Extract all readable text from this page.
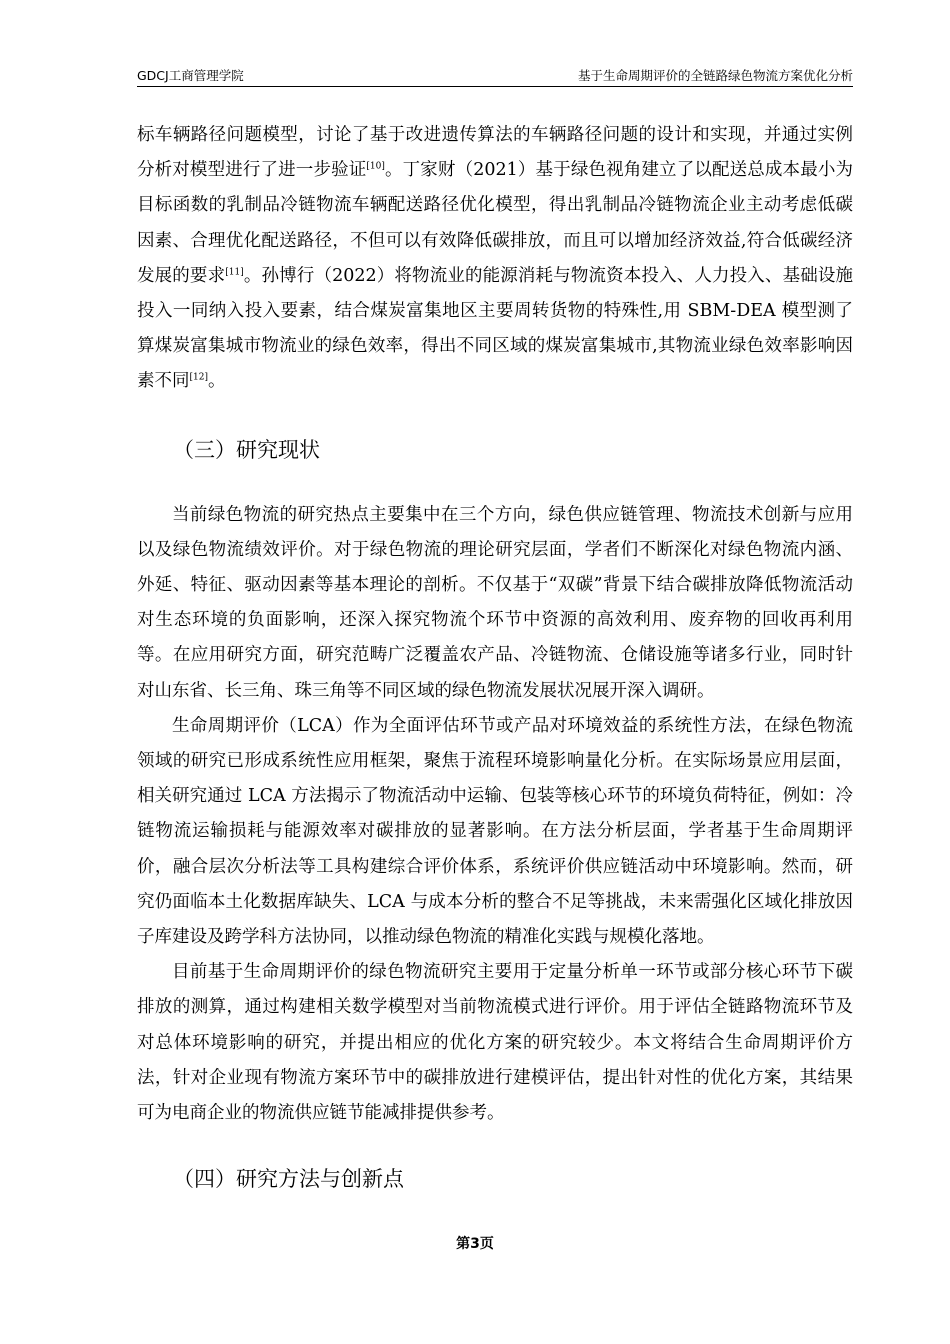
GDCJ工商管理学院	基于生命周期评价的全链路绿色物流方案优化分析

标车辆路径问题模型，讨论了基于改进遗传算法的车辆路径问题的设计和实现，并通过实例分析对模型进行了进一步验证[10]。丁家财（2021）基于绿色视角建立了以配送总成本最小为目标函数的乳制品冷链物流车辆配送路径优化模型，得出乳制品冷链物流企业主动考虑低碳因素、合理优化配送路径，不但可以有效降低碳排放，而且可以增加经济效益,符合低碳经济发展的要求[11]。孙博行（2022）将物流业的能源消耗与物流资本投入、人力投入、基础设施投入一同纳入投入要素，结合煤炭富集地区主要周转货物的特殊性,用 SBM-DEA 模型测了算煤炭富集城市物流业的绿色效率，得出不同区域的煤炭富集城市,其物流业绿色效率影响因素不同[12]。

（三）研究现状

当前绿色物流的研究热点主要集中在三个方向，绿色供应链管理、物流技术创新与应用以及绿色物流绩效评价。对于绿色物流的理论研究层面，学者们不断深化对绿色物流内涵、外延、特征、驱动因素等基本理论的剖析。不仅基于“双碳”背景下结合碳排放降低物流活动对生态环境的负面影响，还深入探究物流个环节中资源的高效利用、废弃物的回收再利用等。在应用研究方面，研究范畴广泛覆盖农产品、冷链物流、仓储设施等诸多行业，同时针对山东省、长三角、珠三角等不同区域的绿色物流发展状况展开深入调研。

生命周期评价（LCA）作为全面评估环节或产品对环境效益的系统性方法，在绿色物流领域的研究已形成系统性应用框架，聚焦于流程环境影响量化分析。在实际场景应用层面，相关研究通过 LCA 方法揭示了物流活动中运输、包装等核心环节的环境负荷特征，例如：冷链物流运输损耗与能源效率对碳排放的显著影响。在方法分析层面，学者基于生命周期评价，融合层次分析法等工具构建综合评价体系，系统评价供应链活动中环境影响。然而，研究仍面临本土化数据库缺失、LCA 与成本分析的整合不足等挑战，未来需强化区域化排放因子库建设及跨学科方法协同，以推动绿色物流的精准化实践与规模化落地。

目前基于生命周期评价的绿色物流研究主要用于定量分析单一环节或部分核心环节下碳排放的测算，通过构建相关数学模型对当前物流模式进行评价。用于评估全链路物流环节及对总体环境影响的研究，并提出相应的优化方案的研究较少。本文将结合生命周期评价方法，针对企业现有物流方案环节中的碳排放进行建模评估，提出针对性的优化方案，其结果可为电商企业的物流供应链节能减排提供参考。

（四）研究方法与创新点
第3页
